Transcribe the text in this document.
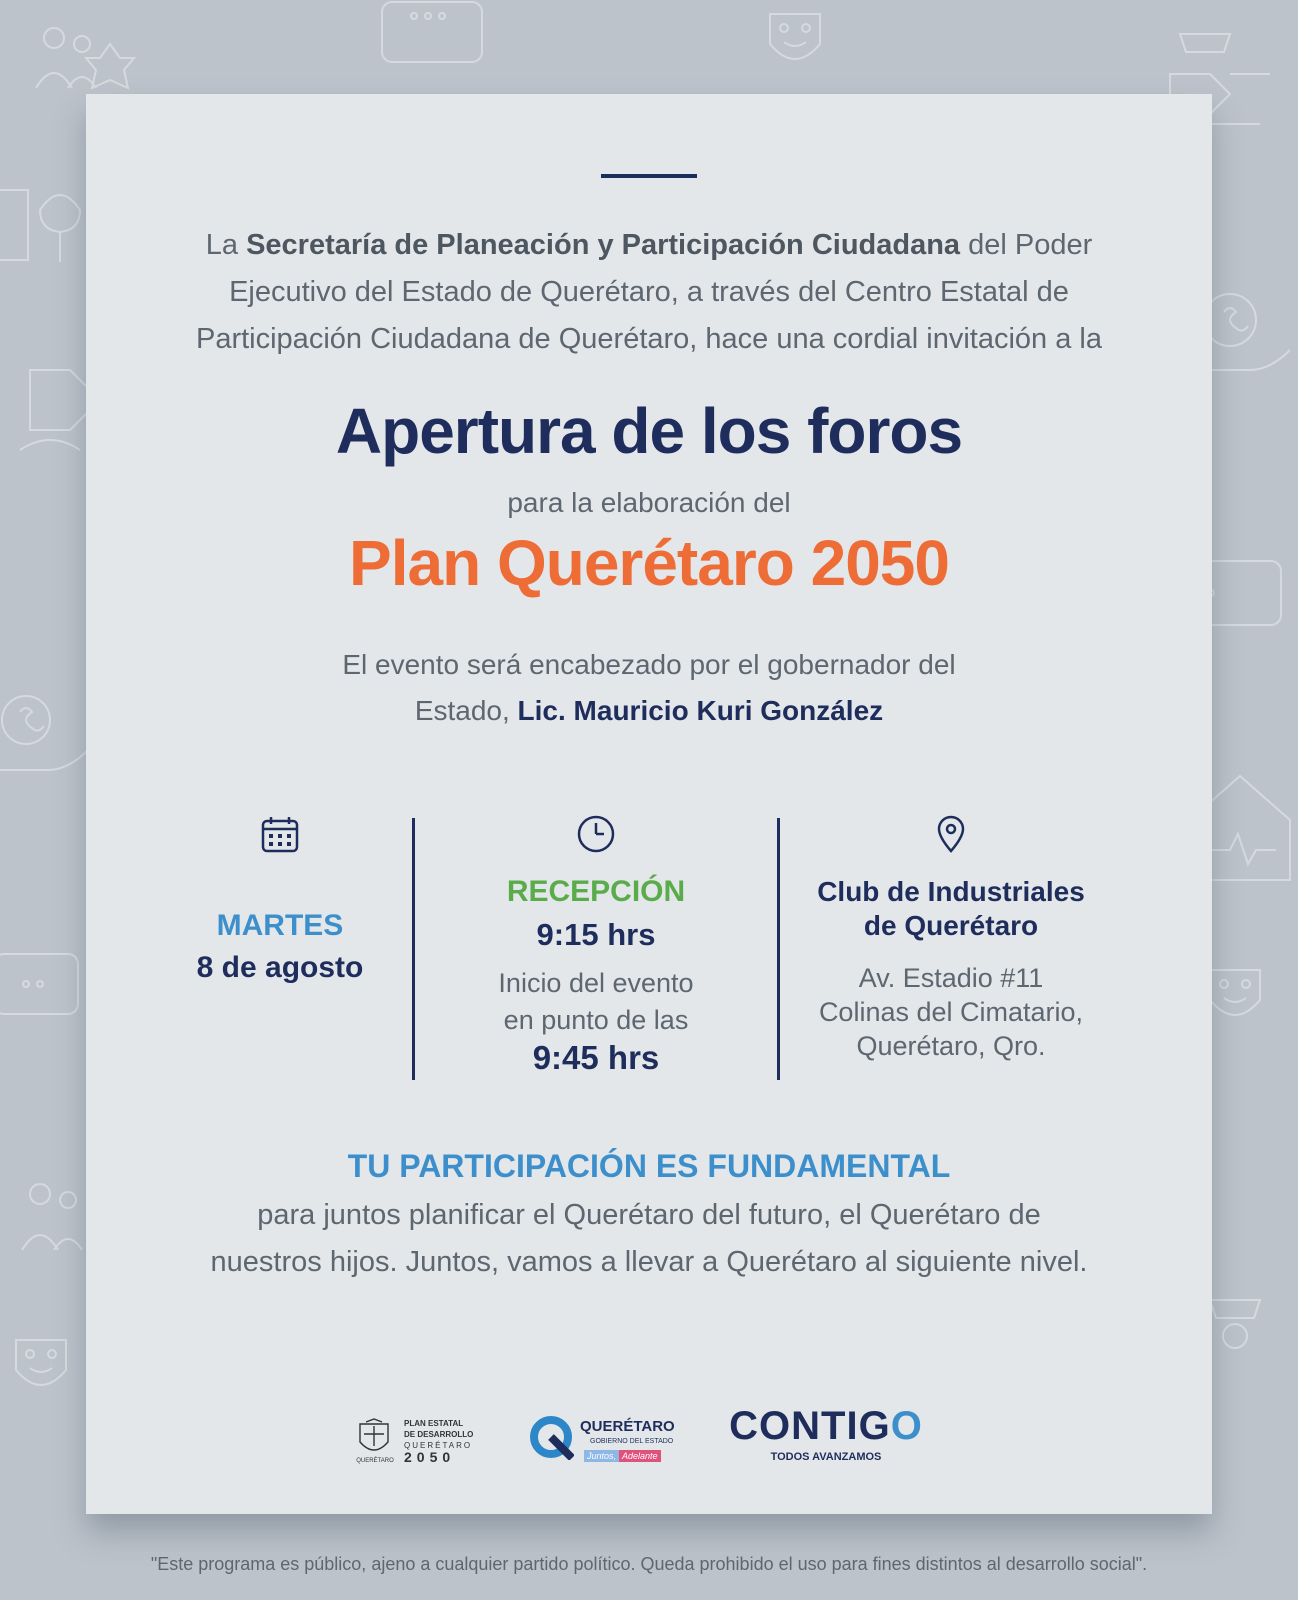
La Secretaría de Planeación y Participación Ciudadana del Poder Ejecutivo del Estado de Querétaro, a través del Centro Estatal de Participación Ciudadana de Querétaro, hace una cordial invitación a la
Apertura de los foros
para la elaboración del
Plan Querétaro 2050
El evento será encabezado por el gobernador del
Estado, Lic. Mauricio Kuri González
MARTES
8 de agosto
RECEPCIÓN
9:15 hrs
Inicio del evento
en punto de las
9:45 hrs
Club de Industriales
de Querétaro
Av. Estadio #11
Colinas del Cimatario,
Querétaro, Qro.
TU PARTICIPACIÓN ES FUNDAMENTAL
para juntos planificar el Querétaro del futuro, el Querétaro de
nuestros hijos. Juntos, vamos a llevar a Querétaro al siguiente nivel.
QUERÉTARO
PLAN ESTATAL
DE DESARROLLO
QUERÉTARO
2050
QUERÉTARO
GOBIERNO DEL ESTADO
Juntos, Adelante
CONTIGO
TODOS AVANZAMOS
"Este programa es público, ajeno a cualquier partido político. Queda prohibido el uso para fines distintos al desarrollo social".
